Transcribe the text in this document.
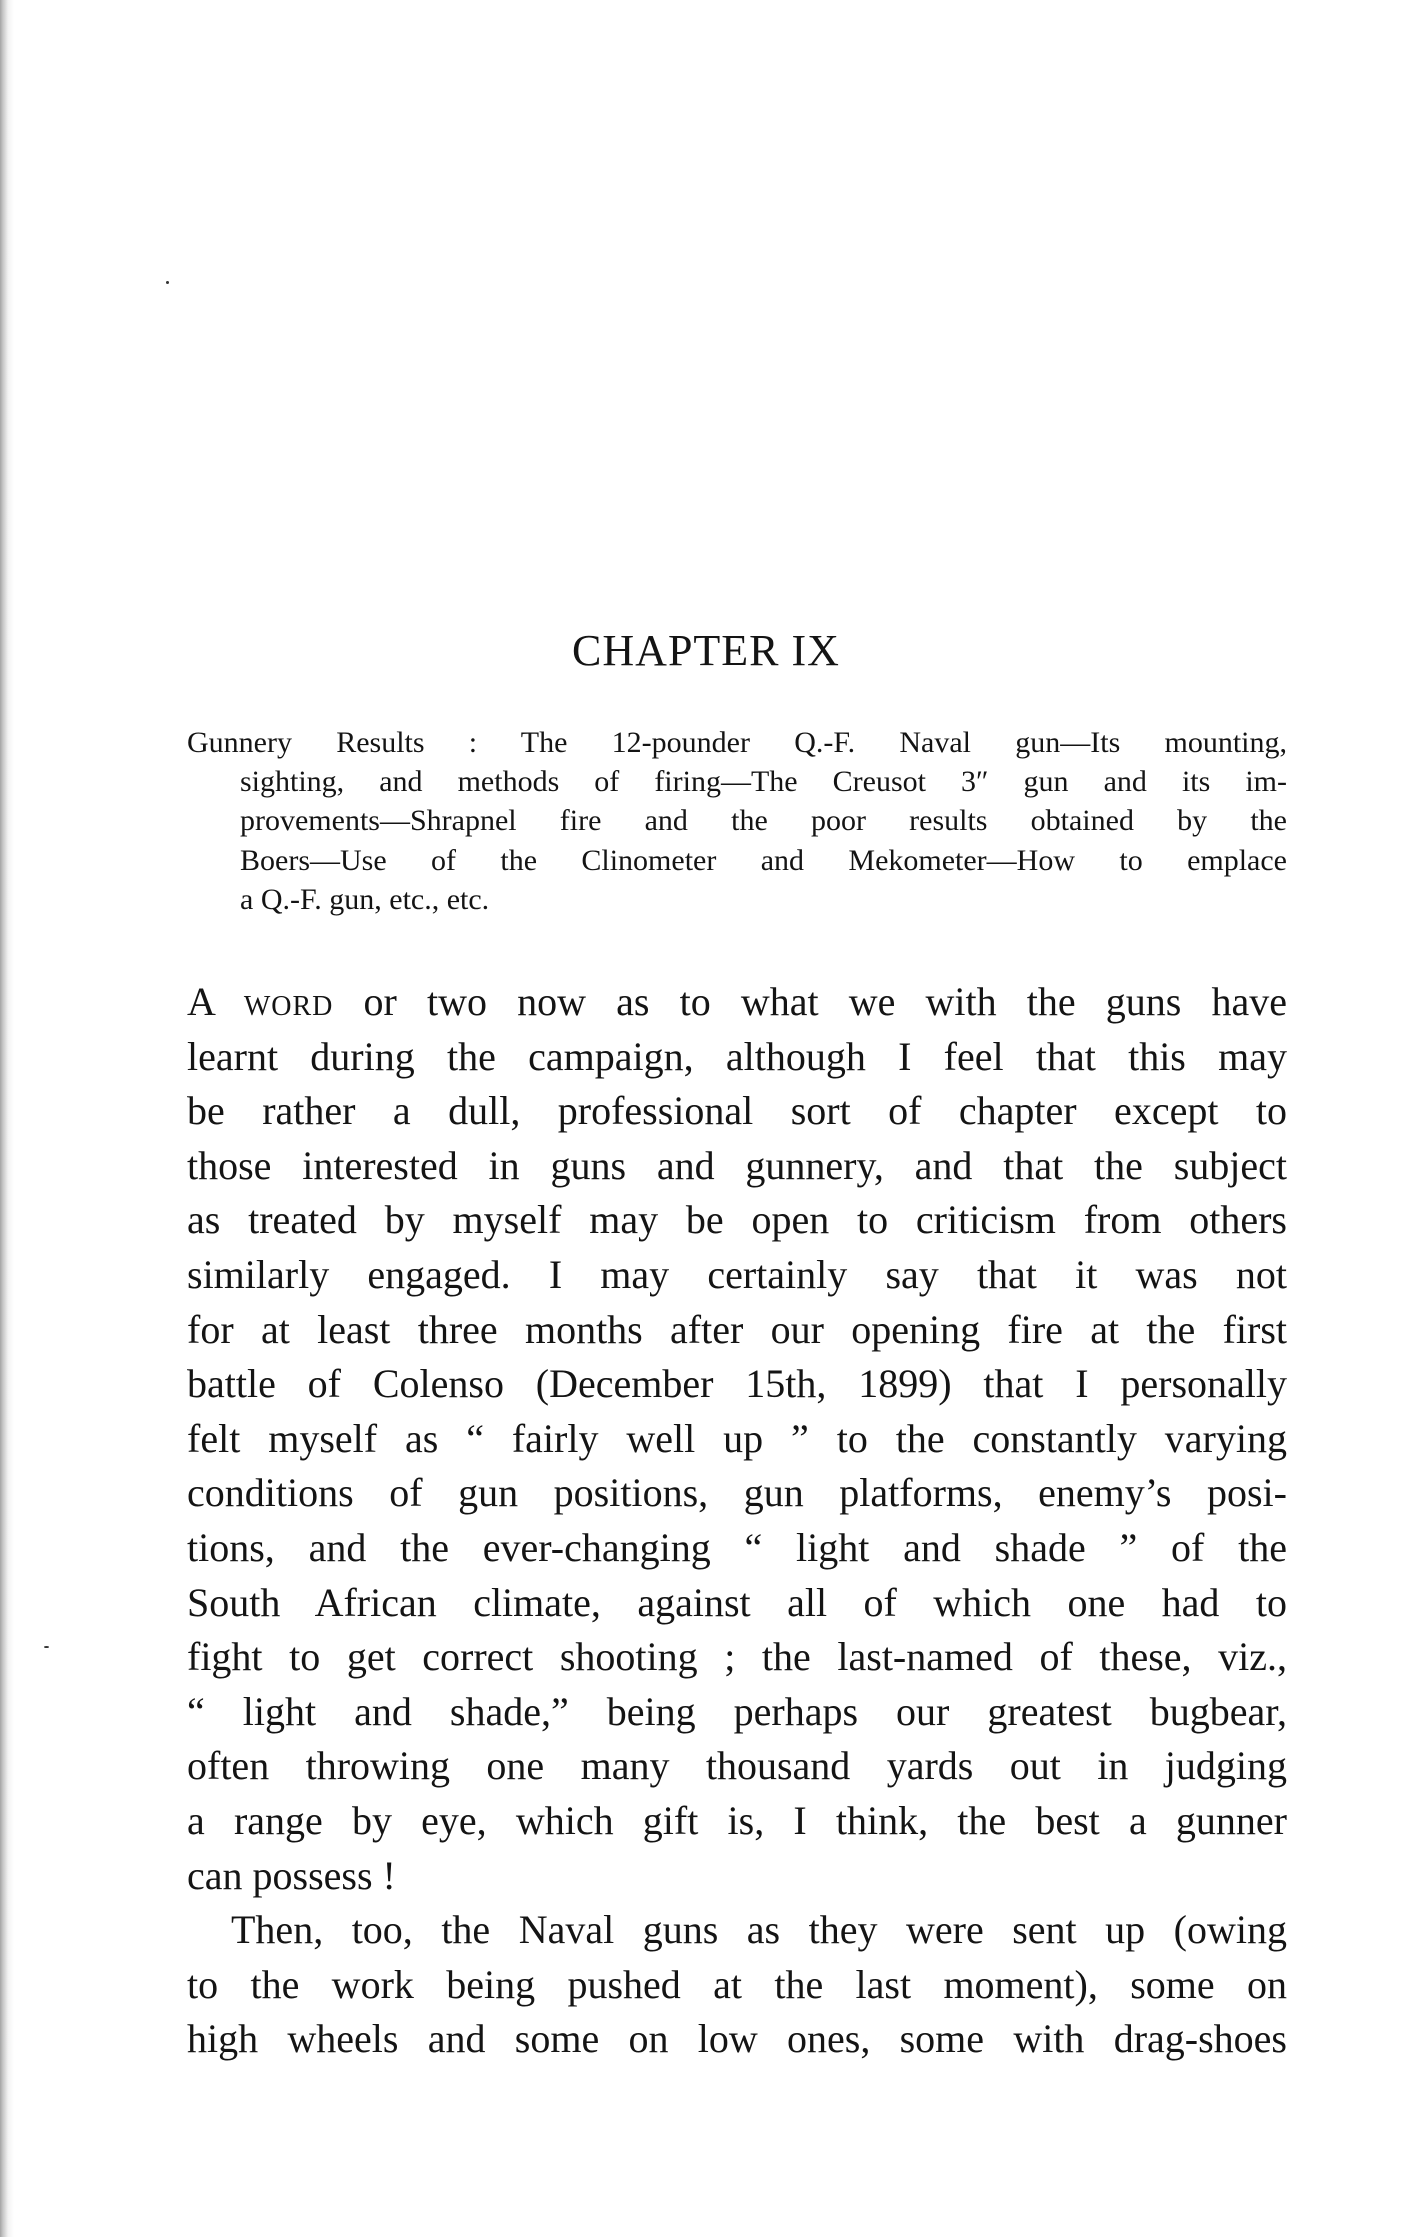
CHAPTER IX

Gunnery Results : The 12-pounder Q.-F. Naval gun—Its mounting,
sighting, and methods of firing—The Creusot 3″ gun and its im-
provements—Shrapnel fire and the poor results obtained by the
Boers—Use of the Clinometer and Mekometer—How to emplace
a Q.-F. gun, etc., etc.

A word or two now as to what we with the guns have
learnt during the campaign, although I feel that this may
be rather a dull, professional sort of chapter except to
those interested in guns and gunnery, and that the subject
as treated by myself may be open to criticism from others
similarly engaged. I may certainly say that it was not
for at least three months after our opening fire at the first
battle of Colenso (December 15th, 1899) that I personally
felt myself as “ fairly well up ” to the constantly varying
conditions of gun positions, gun platforms, enemy’s posi-
tions, and the ever-changing “ light and shade ” of the
South African climate, against all of which one had to
fight to get correct shooting ; the last-named of these, viz.,
“ light and shade,” being perhaps our greatest bugbear,
often throwing one many thousand yards out in judging
a range by eye, which gift is, I think, the best a gunner
can possess !

Then, too, the Naval guns as they were sent up (owing
to the work being pushed at the last moment), some on
high wheels and some on low ones, some with drag-shoes
